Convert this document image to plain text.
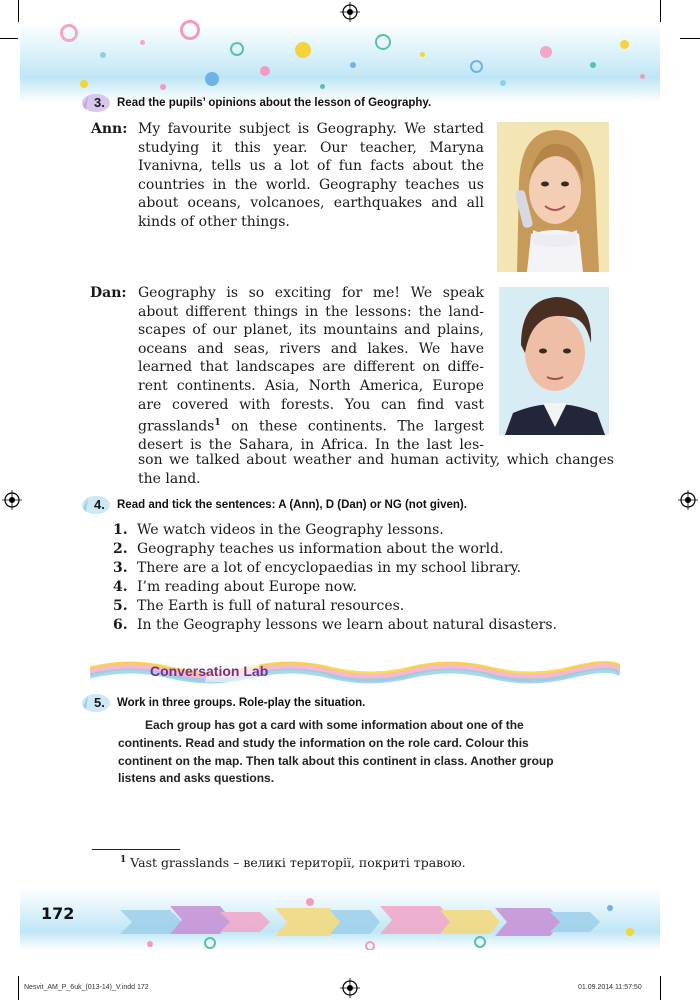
3. Read the pupils’ opinions about the lesson of Geography.
Ann: My favourite subject is Geography. We started
studying it this year. Our teacher, Maryna
Ivanivna, tells us a lot of fun facts about the
countries in the world. Geography teaches us
about oceans, volcanoes, earthquakes and all
kinds of other things.
Dan: Geography is so exciting for me! We speak
about different things in the lessons: the land-
scapes of our planet, its mountains and plains,
oceans and seas, rivers and lakes. We have
learned that landscapes are different on diffe-
rent continents. Asia, North America, Europe
are covered with forests. You can find vast
grasslands$^1$ on these continents. The largest
desert is the Sahara, in Africa. In the last les-
son we talked about weather and human activity, which changes
the land.
4. Read and tick the sentences: A (Ann), D (Dan) or NG (not given).
1. We watch videos in the Geography lessons.
2. Geography teaches us information about the world.
3. There are a lot of encyclopaedias in my school library.
4. I’m reading about Europe now.
5. The Earth is full of natural resources.
6. In the Geography lessons we learn about natural disasters.
Conversation Lab
5. Work in three groups. Role-play the situation.
Each group has got a card with some information about one of the
continents. Read and study the information on the role card. Colour this
continent on the map. Then talk about this continent in class. Another group
listens and asks questions.
$^1$ Vast grasslands – великі території, покриті травою.
172
Nesvit_AM_P_6uk_(013-14)_V.indd 172	01.09.2014 11:57:50
